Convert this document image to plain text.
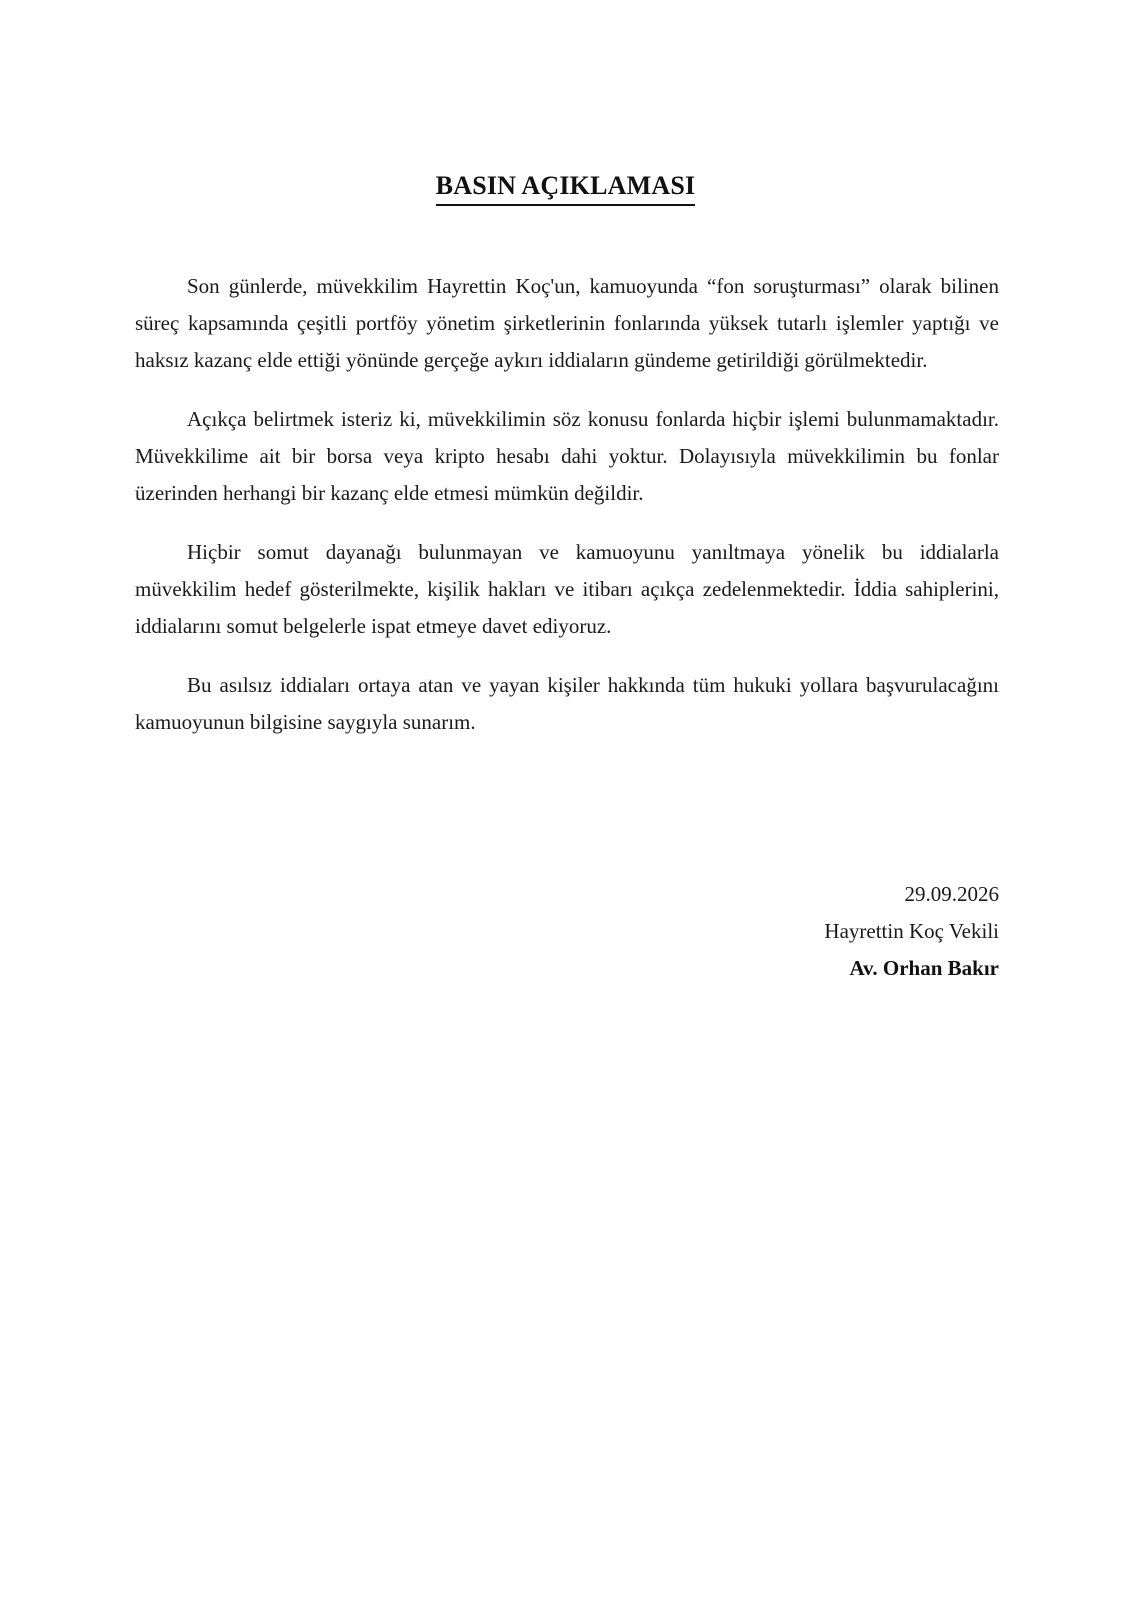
BASIN AÇIKLAMASI

Son günlerde, müvekkilim Hayrettin Koç'un, kamuoyunda “fon soruşturması” olarak bilinen süreç kapsamında çeşitli portföy yönetim şirketlerinin fonlarında yüksek tutarlı işlemler yaptığı ve haksız kazanç elde ettiği yönünde gerçeğe aykırı iddiaların gündeme getirildiği görülmektedir.

Açıkça belirtmek isteriz ki, müvekkilimin söz konusu fonlarda hiçbir işlemi bulunmamaktadır. Müvekkilime ait bir borsa veya kripto hesabı dahi yoktur. Dolayısıyla müvekkilimin bu fonlar üzerinden herhangi bir kazanç elde etmesi mümkün değildir.

Hiçbir somut dayanağı bulunmayan ve kamuoyunu yanıltmaya yönelik bu iddialarla müvekkilim hedef gösterilmekte, kişilik hakları ve itibarı açıkça zedelenmektedir. İddia sahiplerini, iddialarını somut belgelerle ispat etmeye davet ediyoruz.

Bu asılsız iddiaları ortaya atan ve yayan kişiler hakkında tüm hukuki yollara başvurulacağını kamuoyunun bilgisine saygıyla sunarım.

29.09.2026
Hayrettin Koç Vekili
Av. Orhan Bakır
